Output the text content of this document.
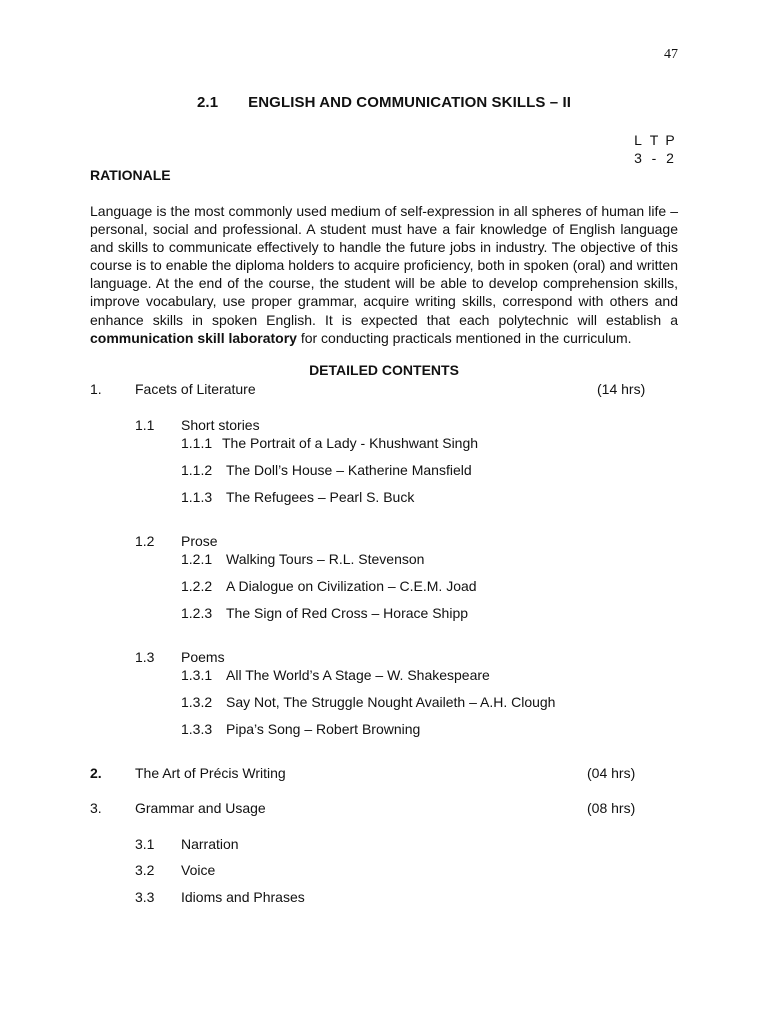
47
2.1 ENGLISH AND COMMUNICATION SKILLS – II
L T P
3 - 2
RATIONALE
Language is the most commonly used medium of self-expression in all spheres of human life – personal, social and professional. A student must have a fair knowledge of English language and skills to communicate effectively to handle the future jobs in industry. The objective of this course is to enable the diploma holders to acquire proficiency, both in spoken (oral) and written language. At the end of the course, the student will be able to develop comprehension skills, improve vocabulary, use proper grammar, acquire writing skills, correspond with others and enhance skills in spoken English. It is expected that each polytechnic will establish a communication skill laboratory for conducting practicals mentioned in the curriculum.
DETAILED CONTENTS
1. Facets of Literature	(14 hrs)
1.1 Short stories
1.1.1 The Portrait of a Lady - Khushwant Singh
1.1.2 The Doll’s House – Katherine Mansfield
1.1.3 The Refugees – Pearl S. Buck
1.2 Prose
1.2.1 Walking Tours – R.L. Stevenson
1.2.2 A Dialogue on Civilization – C.E.M. Joad
1.2.3 The Sign of Red Cross – Horace Shipp
1.3 Poems
1.3.1 All The World’s A Stage – W. Shakespeare
1.3.2 Say Not, The Struggle Nought Availeth – A.H. Clough
1.3.3 Pipa’s Song – Robert Browning
2. The Art of Précis Writing	(04 hrs)
3. Grammar and Usage	(08 hrs)
3.1 Narration
3.2 Voice
3.3 Idioms and Phrases
